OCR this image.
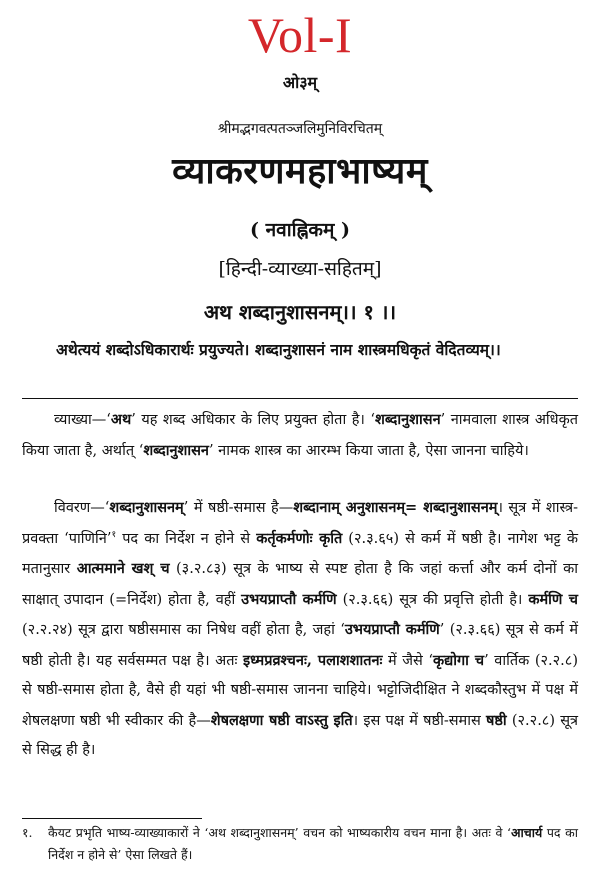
Vol-I
ओ३म्
श्रीमद्भगवत्पतञ्जलिमुनिविरचितम्
व्याकरणमहाभाष्यम्
( नवाह्निकम् )
[हिन्दी-व्याख्या-सहितम्]
अथ शब्दानुशासनम्।। १ ।।
अथेत्ययं शब्दोऽधिकारार्थः प्रयुज्यते। शब्दानुशासनं नाम शास्त्रमधिकृतं वेदितव्यम्।।
व्याख्या—‘अथ’ यह शब्द अधिकार के लिए प्रयुक्त होता है। ‘शब्दानुशासन’ नामवाला शास्त्र अधिकृत किया जाता है, अर्थात् ‘शब्दानुशासन’ नामक शास्त्र का आरम्भ किया जाता है, ऐसा जानना चाहिये।
विवरण—‘शब्दानुशासनम्’ में षष्ठी-समास है—शब्दानाम् अनुशासनम्= शब्दानुशासनम्। सूत्र में शास्त्र-प्रवक्ता ‘पाणिनि’$^१$ पद का निर्देश न होने से कर्तृकर्मणोः कृति (२.३.६५) से कर्म में षष्ठी है। नागेश भट्ट के मतानुसार आत्ममाने खश् च (३.२.८३) सूत्र के भाष्य से स्पष्ट होता है कि जहां कर्त्ता और कर्म दोनों का साक्षात् उपादान (=निर्देश) होता है, वहीं उभयप्राप्तौ कर्मणि (२.३.६६) सूत्र की प्रवृत्ति होती है। कर्मणि च (२.२.२४) सूत्र द्वारा षष्ठीसमास का निषेध वहीं होता है, जहां ‘उभयप्राप्तौ कर्मणि’ (२.३.६६) सूत्र से कर्म में षष्ठी होती है। यह सर्वसम्मत पक्ष है। अतः इध्मप्रव्रश्चनः, पलाशशातनः में जैसे ‘कृद्योगा च’ वार्तिक (२.२.८) से षष्ठी-समास होता है, वैसे ही यहां भी षष्ठी-समास जानना चाहिये। भट्टोजिदीक्षित ने शब्दकौस्तुभ में पक्ष में शेषलक्षणा षष्ठी भी स्वीकार की है—शेषलक्षणा षष्ठी वाऽस्तु इति। इस पक्ष में षष्ठी-समास षष्ठी (२.२.८) सूत्र से सिद्ध ही है।
१. कैयट प्रभृति भाष्य-व्याख्याकारों ने ‘अथ शब्दानुशासनम्’ वचन को भाष्यकारीय वचन माना है। अतः वे ‘आचार्य पद का निर्देश न होने से’ ऐसा लिखते हैं।
